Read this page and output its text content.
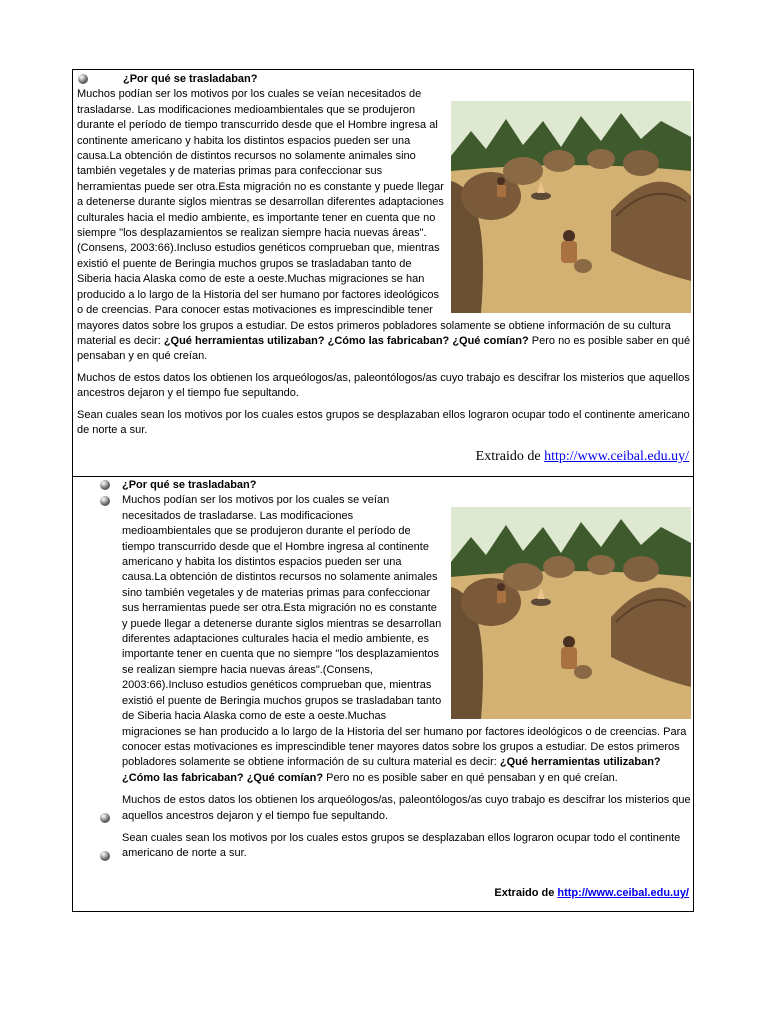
¿Por qué se trasladaban?
Muchos podían ser los motivos por los cuales se veían necesitados de trasladarse. Las modificaciones medioambientales que se produjeron durante el período de tiempo transcurrido desde que el Hombre ingresa al continente americano y habita los distintos espacios pueden ser una causa.La obtención de distintos recursos no solamente animales sino también vegetales y de materias primas para confeccionar sus herramientas puede ser otra.Esta migración no es constante y puede llegar a detenerse durante siglos mientras se desarrollan diferentes adaptaciones culturales hacia el medio ambiente, es importante tener en cuenta que no siempre "los desplazamientos se realizan siempre hacia nuevas áreas".(Consens, 2003:66).Incluso estudios genéticos comprueban que, mientras existió el puente de Beringia muchos grupos se trasladaban tanto de Siberia hacia Alaska como de este a oeste.Muchas migraciones se han producido a lo largo de la Historia del ser humano por factores ideológicos o de creencias. Para conocer estas motivaciones es imprescindible tener mayores datos sobre los grupos a estudiar. De estos primeros pobladores solamente se obtiene información de su cultura material es decir: ¿Qué herramientas utilizaban? ¿Cómo las fabricaban? ¿Qué comían? Pero no es posible saber en qué pensaban y en qué creían.

Muchos de estos datos los obtienen los arqueólogos/as, paleontólogos/as cuyo trabajo es descifrar los misterios que aquellos ancestros dejaron y el tiempo fue sepultando.

Sean cuales sean los motivos por los cuales estos grupos se desplazaban ellos lograron ocupar todo el continente americano de norte a sur.

Extraido de http://www.ceibal.edu.uy/
¿Por qué se trasladaban?
Muchos podían ser los motivos por los cuales se veían necesitados de trasladarse. Las modificaciones medioambientales que se produjeron durante el período de tiempo transcurrido desde que el Hombre ingresa al continente americano y habita los distintos espacios pueden ser una causa.La obtención de distintos recursos no solamente animales sino también vegetales y de materias primas para confeccionar sus herramientas puede ser otra.Esta migración no es constante y puede llegar a detenerse durante siglos mientras se desarrollan diferentes adaptaciones culturales hacia el medio ambiente, es importante tener en cuenta que no siempre "los desplazamientos se realizan siempre hacia nuevas áreas".(Consens, 2003:66).Incluso estudios genéticos comprueban que, mientras existió el puente de Beringia muchos grupos se trasladaban tanto de Siberia hacia Alaska como de este a oeste.Muchas migraciones se han producido a lo largo de la Historia del ser humano por factores ideológicos o de creencias. Para conocer estas motivaciones es imprescindible tener mayores datos sobre los grupos a estudiar. De estos primeros pobladores solamente se obtiene información de su cultura material es decir: ¿Qué herramientas utilizaban? ¿Cómo las fabricaban? ¿Qué comían? Pero no es posible saber en qué pensaban y en qué creían.

Muchos de estos datos los obtienen los arqueólogos/as, paleontólogos/as cuyo trabajo es descifrar los misterios que aquellos ancestros dejaron y el tiempo fue sepultando.

Sean cuales sean los motivos por los cuales estos grupos se desplazaban ellos lograron ocupar todo el continente americano de norte a sur.

Extraido de http://www.ceibal.edu.uy/
